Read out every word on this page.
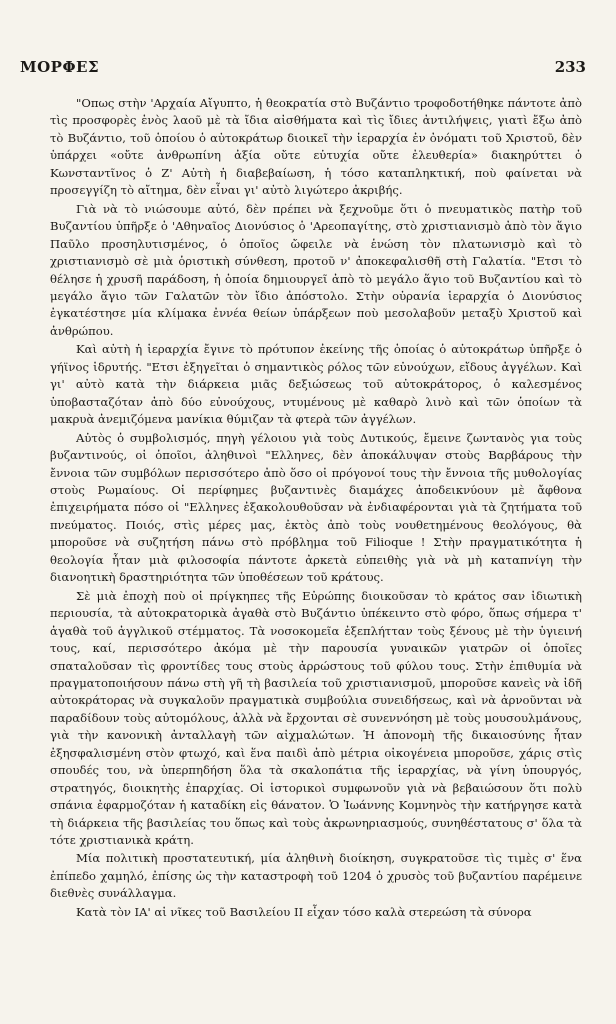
ΜΟΡΦΕΣ	233

"Οπως στὴν 'Αρχαία Αἴγυπτο, ἡ θεοκρατία στὸ Βυζάντιο τροφοδοτήθηκε πάντοτε ἀπὸ τὶς προσφορὲς ἑνὸς λαοῦ μὲ τὰ ἴδια αἰσθήματα καὶ τὶς ἴδιες ἀντιλήψεις, γιατὶ ἔξω ἀπὸ τὸ Βυζάντιο, τοῦ ὁποίου ὁ αὐτοκράτωρ διοικεῖ τὴν ἱεραρχία ἐν ὀνόματι τοῦ Χριστοῦ, δὲν ὑπάρχει «οὔτε ἀνθρωπίνη ἀξία οὔτε εὐτυχία οὔτε ἐλευθερία» διακηρύττει ὁ Κωνσταντῖνος ὁ Ζ' Αὐτὴ ἡ διαβεβαίωση, ἡ τόσο καταπληκτική, ποὺ φαίνεται νὰ προσεγγίζη τὸ αἴτημα, δὲν εἶναι γι' αὐτὸ λιγώτερο ἀκριβής.

Γιὰ νὰ τὸ νιώσουμε αὐτό, δὲν πρέπει νὰ ξεχνοῦμε ὅτι ὁ πνευματικὸς πατὴρ τοῦ Βυζαντίου ὑπῆρξε ὁ 'Αθηναῖος Διονύσιος ὁ 'Αρεοπαγίτης, στὸ χριστιανισμὸ ἀπὸ τὸν ἅγιο Παῦλο προσηλυτισμένος, ὁ ὁποῖος ὤφειλε νὰ ἑνώση τὸν πλατωνισμὸ καὶ τὸ χριστιανισμὸ σὲ μιὰ ὁριστικὴ σύνθεση, προτοῦ ν' ἀποκεφαλισθῆ στὴ Γαλατία. "Ετσι τὸ θέλησε ἡ χρυσῆ παράδοση, ἡ ὁποία δημιουργεῖ ἀπὸ τὸ μεγάλο ἅγιο τοῦ Βυζαντίου καὶ τὸ μεγάλο ἅγιο τῶν Γαλατῶν τὸν ἴδιο ἀπόστολο. Στὴν οὐρανία ἱεραρχία ὁ Διονύσιος ἐγκατέστησε μία κλίμακα ἐννέα θείων ὑπάρξεων ποὺ μεσολαβοῦν μεταξὺ Χριστοῦ καὶ ἀνθρώπου.

Καὶ αὐτὴ ἡ ἱεραρχία ἔγινε τὸ πρότυπον ἐκείνης τῆς ὁποίας ὁ αὐτοκράτωρ ὑπῆρξε ὁ γήϊνος ἱδρυτής. "Ετσι ἐξηγεῖται ὁ σημαντικὸς ρόλος τῶν εὐνούχων, εἴδους ἀγγέλων. Καὶ γι' αὐτὸ κατὰ τὴν διάρκεια μιᾶς δεξιώσεως τοῦ αὐτοκράτορος, ὁ καλεσμένος ὑποβασταζόταν ἀπὸ δύο εὐνούχους, ντυμένους μὲ καθαρὸ λινὸ καὶ τῶν ὁποίων τὰ μακρυὰ ἀνεμιζόμενα μανίκια θύμιζαν τὰ φτερὰ τῶν ἀγγέλων.

Αὐτὸς ὁ συμβολισμός, πηγὴ γέλοιου γιὰ τοὺς Δυτικούς, ἔμεινε ζωντανὸς για τοὺς βυζαντινούς, οἱ ὁποῖοι, ἀληθινοὶ "Ελληνες, δὲν ἀποκάλυψαν στοὺς Βαρβάρους τὴν ἔννοια τῶν συμβόλων περισσότερο ἀπὸ ὅσο οἱ πρόγονοί τους τὴν ἔννοια τῆς μυθολογίας στοὺς Ρωμαίους. Οἱ περίφημες βυζαντινὲς διαμάχες ἀποδεικνύουν μὲ ἄφθονα ἐπιχειρήματα πόσο οἱ "Ελληνες ἐξακολουθοῦσαν νὰ ἐνδιαφέρονται γιὰ τὰ ζητήματα τοῦ πνεύματος. Ποιός, στὶς μέρες μας, ἐκτὸς ἀπὸ τοὺς νουθετημένους θεολόγους, θὰ μποροῦσε νὰ συζητήση πάνω στὸ πρόβλημα τοῦ Filioque ! Στὴν πραγματικότητα ἡ θεολογία ἦταν μιὰ φιλοσοφία πάντοτε ἀρκετὰ εὐπειθὴς γιὰ νὰ μὴ καταπνίγη τὴν διανοητικὴ δραστηριότητα τῶν ὑποθέσεων τοῦ κράτους.

Σὲ μιὰ ἐποχὴ ποὺ οἱ πρίγκηπες τῆς Εὐρώπης διοικοῦσαν τὸ κράτος σαν ἰδιωτικὴ περιουσία, τὰ αὐτοκρατορικὰ ἀγαθὰ στὸ Βυζάντιο ὑπέκειντο στὸ φόρο, ὅπως σήμερα τ' ἀγαθὰ τοῦ ἀγγλικοῦ στέμματος. Τὰ νοσοκομεῖα ἐξεπλήτταν τοὺς ξένους μὲ τὴν ὑγιεινή τους, καί, περισσότερο ἀκόμα μὲ τὴν παρουσία γυναικῶν γιατρῶν οἱ ὁποῖες σπαταλοῦσαν τὶς φροντίδες τους στοὺς ἀρρώστους τοῦ φύλου τους. Στὴν ἐπιθυμία νὰ πραγματοποιήσουν πάνω στὴ γῆ τὴ βασιλεία τοῦ χριστιανισμοῦ, μποροῦσε κανεὶς νὰ ἰδῆ αὐτοκράτορας νὰ συγκαλοῦν πραγματικὰ συμβούλια συνειδήσεως, καὶ νὰ ἀρνοῦνται νὰ παραδίδουν τοὺς αὐτομόλους, ἀλλὰ νὰ ἔρχονται σὲ συνεννόηση μὲ τοὺς μουσουλμάνους, γιὰ τὴν κανονικὴ ἀνταλλαγὴ τῶν αἰχμαλώτων. Ἡ ἀπονομὴ τῆς δικαιοσύνης ἦταν ἐξησφαλισμένη στὸν φτωχό, καὶ ἕνα παιδὶ ἀπὸ μέτρια οἰκογένεια μποροῦσε, χάρις στὶς σπουδές του, νὰ ὑπερπηδήση ὅλα τὰ σκαλοπάτια τῆς ἱεραρχίας, νὰ γίνη ὑπουργός, στρατηγός, διοικητὴς ἐπαρχίας. Οἱ ἱστορικοὶ συμφωνοῦν γιὰ νὰ βεβαιώσουν ὅτι πολὺ σπάνια ἐφαρμοζόταν ἡ καταδίκη εἰς θάνατον. Ὁ Ἰωάννης Κομνηνὸς τὴν κατήργησε κατὰ τὴ διάρκεια τῆς βασιλείας του ὅπως καὶ τοὺς ἀκρωνηριασμούς, συνηθέστατους σ' ὅλα τὰ τότε χριστιανικὰ κράτη.

Μία πολιτικὴ προστατευτική, μία ἀληθινὴ διοίκηση, συγκρατοῦσε τὶς τιμὲς σ' ἕνα ἐπίπεδο χαμηλό, ἐπίσης ὡς τὴν καταστροφὴ τοῦ 1204 ὁ χρυσὸς τοῦ βυζαντίου παρέμεινε διεθνὲς συνάλλαγμα.

Κατὰ τὸν ΙΑ' αἱ νῖκες τοῦ Βασιλείου ΙΙ εἶχαν τόσο καλὰ στερεώση τὰ σύνορα
